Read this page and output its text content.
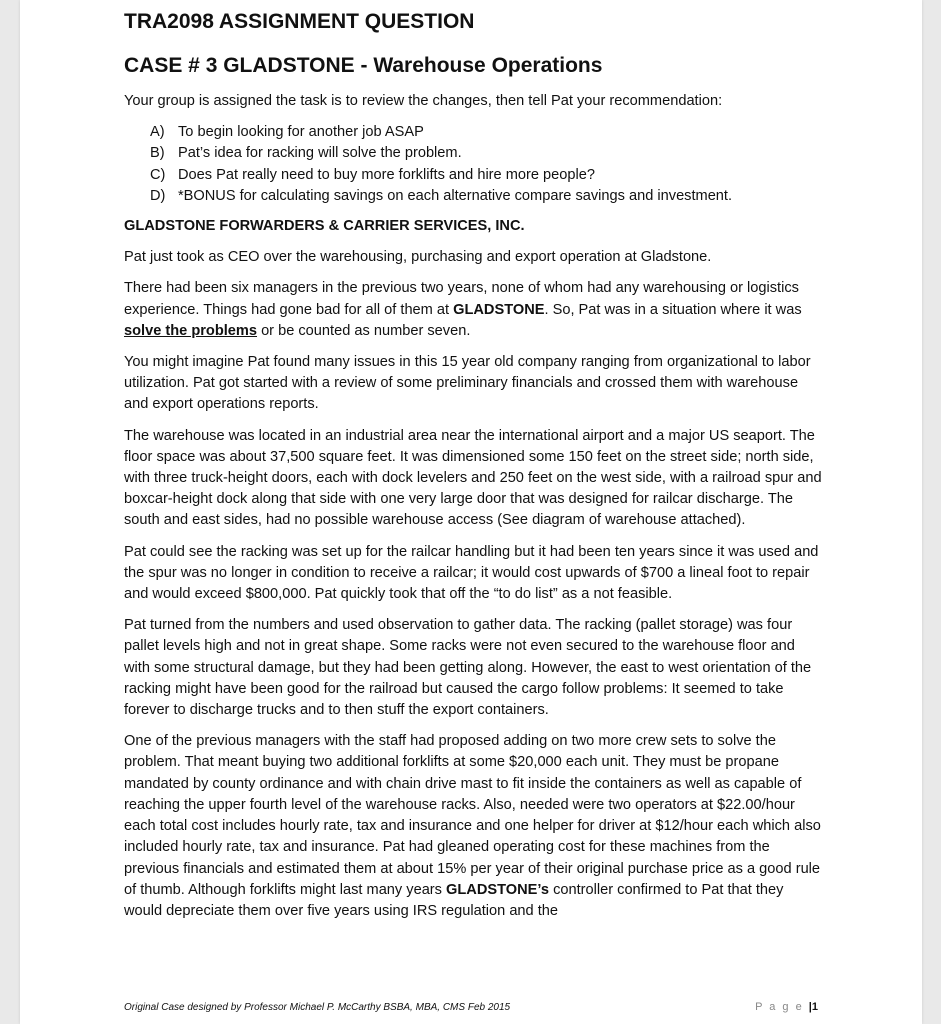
TRA2098 ASSIGNMENT QUESTION
CASE # 3 GLADSTONE - Warehouse Operations

Your group is assigned the task is to review the changes, then tell Pat your recommendation:

A) To begin looking for another job ASAP
B) Pat’s idea for racking will solve the problem.
C) Does Pat really need to buy more forklifts and hire more people?
D) *BONUS for calculating savings on each alternative compare savings and investment.

GLADSTONE FORWARDERS & CARRIER SERVICES, INC.

Pat just took as CEO over the warehousing, purchasing and export operation at Gladstone.

There had been six managers in the previous two years, none of whom had any warehousing or logistics experience. Things had gone bad for all of them at GLADSTONE. So, Pat was in a situation where it was solve the problems or be counted as number seven.

You might imagine Pat found many issues in this 15 year old company ranging from organizational to labor utilization. Pat got started with a review of some preliminary financials and crossed them with warehouse and export operations reports.

The warehouse was located in an industrial area near the international airport and a major US seaport. The floor space was about 37,500 square feet. It was dimensioned some 150 feet on the street side; north side, with three truck-height doors, each with dock levelers and 250 feet on the west side, with a railroad spur and boxcar-height dock along that side with one very large door that was designed for railcar discharge. The south and east sides, had no possible warehouse access (See diagram of warehouse attached).

Pat could see the racking was set up for the railcar handling but it had been ten years since it was used and the spur was no longer in condition to receive a railcar; it would cost upwards of $700 a lineal foot to repair and would exceed $800,000. Pat quickly took that off the “to do list” as a not feasible.

Pat turned from the numbers and used observation to gather data. The racking (pallet storage) was four pallet levels high and not in great shape. Some racks were not even secured to the warehouse floor and with some structural damage, but they had been getting along. However, the east to west orientation of the racking might have been good for the railroad but caused the cargo follow problems: It seemed to take forever to discharge trucks and to then stuff the export containers.

One of the previous managers with the staff had proposed adding on two more crew sets to solve the problem. That meant buying two additional forklifts at some $20,000 each unit. They must be propane mandated by county ordinance and with chain drive mast to fit inside the containers as well as capable of reaching the upper fourth level of the warehouse racks. Also, needed were two operators at $22.00/hour each total cost includes hourly rate, tax and insurance and one helper for driver at $12/hour each which also included hourly rate, tax and insurance. Pat had gleaned operating cost for these machines from the previous financials and estimated them at about 15% per year of their original purchase price as a good rule of thumb. Although forklifts might last many years GLADSTONE’s controller confirmed to Pat that they would depreciate them over five years using IRS regulation and the

Original Case designed by Professor Michael P. McCarthy BSBA, MBA, CMS Feb 2015	P a g e |1
